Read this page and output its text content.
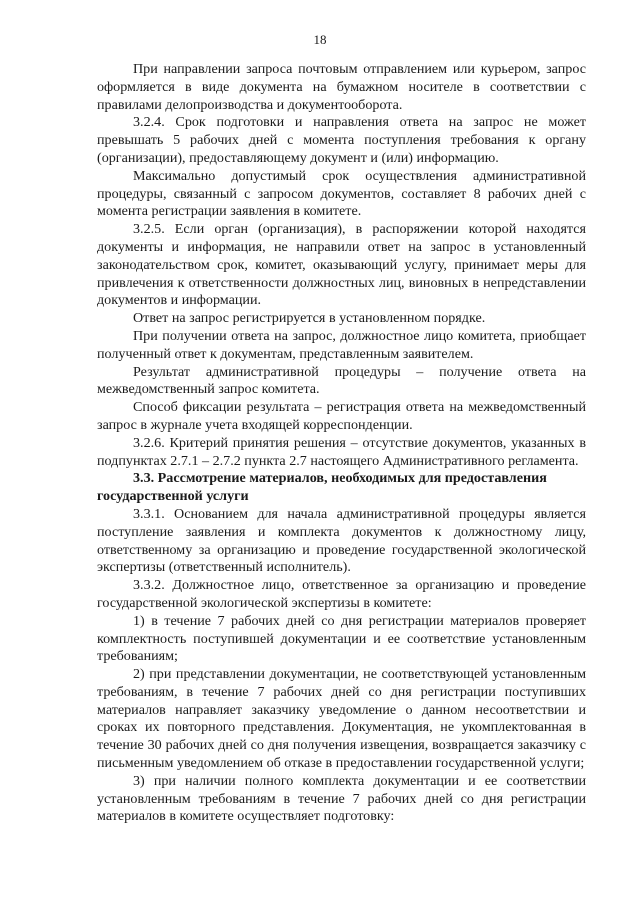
18

При направлении запроса почтовым отправлением или курьером, запрос оформляется в виде документа на бумажном носителе в соответствии с правилами делопроизводства и документооборота.

3.2.4. Срок подготовки и направления ответа на запрос не может превышать 5 рабочих дней с момента поступления требования к органу (организации), предоставляющему документ и (или) информацию.

Максимально допустимый срок осуществления административной процедуры, связанный с запросом документов, составляет 8 рабочих дней с момента регистрации заявления в комитете.

3.2.5. Если орган (организация), в распоряжении которой находятся документы и информация, не направили ответ на запрос в установленный законодательством срок, комитет, оказывающий услугу, принимает меры для привлечения к ответственности должностных лиц, виновных в непредставлении документов и информации.

Ответ на запрос регистрируется в установленном порядке.

При получении ответа на запрос, должностное лицо комитета, приобщает полученный ответ к документам, представленным заявителем.

Результат административной процедуры – получение ответа на межведомственный запрос комитета.

Способ фиксации результата – регистрация ответа на межведомственный запрос в журнале учета входящей корреспонденции.

3.2.6. Критерий принятия решения – отсутствие документов, указанных в подпунктах 2.7.1 – 2.7.2 пункта 2.7 настоящего Административного регламента.

3.3. Рассмотрение материалов, необходимых для предоставления государственной услуги

3.3.1. Основанием для начала административной процедуры является поступление заявления и комплекта документов к должностному лицу, ответственному за организацию и проведение государственной экологической экспертизы (ответственный исполнитель).

3.3.2. Должностное лицо, ответственное за организацию и проведение государственной экологической экспертизы в комитете:

1) в течение 7 рабочих дней со дня регистрации материалов проверяет комплектность поступившей документации и ее соответствие установленным требованиям;

2) при представлении документации, не соответствующей установленным требованиям, в течение 7 рабочих дней со дня регистрации поступивших материалов направляет заказчику уведомление о данном несоответствии и сроках их повторного представления. Документация, не укомплектованная в течение 30 рабочих дней со дня получения извещения, возвращается заказчику с письменным уведомлением об отказе в предоставлении государственной услуги;

3) при наличии полного комплекта документации и ее соответствии установленным требованиям в течение 7 рабочих дней со дня регистрации материалов в комитете осуществляет подготовку:
